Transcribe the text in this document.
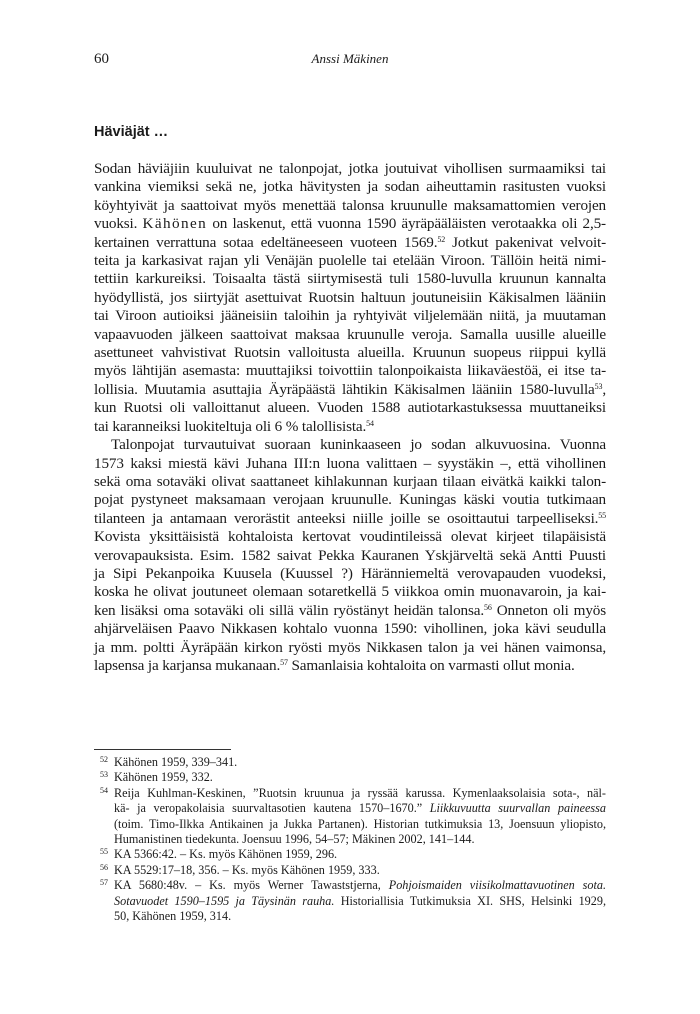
60	Anssi Mäkinen
Häviäjät …
Sodan häviäjiin kuuluivat ne talonpojat, jotka joutuivat vihollisen surmaamiksi tai
vankina viemiksi sekä ne, jotka hävitysten ja sodan aiheuttamin rasitusten vuoksi
köyhtyivät ja saattoivat myös menettää talonsa kruunulle maksamattomien verojen
vuoksi. Kähönen on laskenut, että vuonna 1590 äyräpääläisten verotaakka oli 2,5-
kertainen verrattuna sotaa edeltäneeseen vuoteen 1569.52 Jotkut pakenivat velvoit-
teita ja karkasivat rajan yli Venäjän puolelle tai etelään Viroon. Tällöin heitä nimi-
tettiin karkureiksi. Toisaalta tästä siirtymisestä tuli 1580-luvulla kruunun kannalta
hyödyllistä, jos siirtyjät asettuivat Ruotsin haltuun joutuneisiin Käkisalmen lääniin
tai Viroon autioiksi jääneisiin taloihin ja ryhtyivät viljelemään niitä, ja muutaman
vapaavuoden jälkeen saattoivat maksaa kruunulle veroja. Samalla uusille alueille
asettuneet vahvistivat Ruotsin valloitusta alueilla. Kruunun suopeus riippui kyllä
myös lähtijän asemasta: muuttajiksi toivottiin talonpoikaista liikaväestöä, ei itse ta-
lollisia. Muutamia asuttajia Äyräpäästä lähtikin Käkisalmen lääniin 1580-luvulla$^{53}$,
kun Ruotsi oli valloittanut alueen. Vuoden 1588 autiotarkastuksessa muuttaneiksi
tai karanneiksi luokiteltuja oli 6 % talollisista.$^{54}$
Talonpojat turvautuivat suoraan kuninkaaseen jo sodan alkuvuosina. Vuonna
1573 kaksi miestä kävi Juhana III:n luona valittaen – syystäkin –, että vihollinen
sekä oma sotaväki olivat saattaneet kihlakunnan kurjaan tilaan eivätkä kaikki talon-
pojat pystyneet maksamaan verojaan kruunulle. Kuningas käski voutia tutkimaan
tilanteen ja antamaan verorästit anteeksi niille joille se osoittautui tarpeelliseksi.$^{55}$
Kovista yksittäisistä kohtaloista kertovat voudintileissä olevat kirjeet tilapäisistä
verovapauksista. Esim. 1582 saivat Pekka Kauranen Yskjärveltä sekä Antti Puusti
ja Sipi Pekanpoika Kuusela (Kuussel ?) Häränniemeltä verovapauden vuodeksi,
koska he olivat joutuneet olemaan sotaretkellä 5 viikkoa omin muonavaroin, ja kai-
ken lisäksi oma sotaväki oli sillä välin ryöstänyt heidän talonsa.$^{56}$ Onneton oli myös
ahjärveläisen Paavo Nikkasen kohtalo vuonna 1590: vihollinen, joka kävi seudulla
ja mm. poltti Äyräpään kirkon ryösti myös Nikkasen talon ja vei hänen vaimonsa,
lapsensa ja karjansa mukanaan.$^{57}$ Samanlaisia kohtaloita on varmasti ollut monia.
52 Kähönen 1959, 339–341.
53 Kähönen 1959, 332.
54 Reija Kuhlman-Keskinen, ”Ruotsin kruunua ja ryssää karussa. Kymenlaaksolaisia sota-, näl-
kä- ja veropakolaisia suurvaltasotien kautena 1570–1670.” Liikkuvuutta suurvallan paineessa
(toim. Timo-Ilkka Antikainen ja Jukka Partanen). Historian tutkimuksia 13, Joensuun yliopisto,
Humanistinen tiedekunta. Joensuu 1996, 54–57; Mäkinen 2002, 141–144.
55 KA 5366:42. – Ks. myös Kähönen 1959, 296.
56 KA 5529:17–18, 356. – Ks. myös Kähönen 1959, 333.
57 KA 5680:48v. – Ks. myös Werner Tawaststjerna, Pohjoismaiden viisikolmattavuotinen sota.
Sotavuodet 1590–1595 ja Täysinän rauha. Historiallisia Tutkimuksia XI. SHS, Helsinki 1929,
50, Kähönen 1959, 314.
